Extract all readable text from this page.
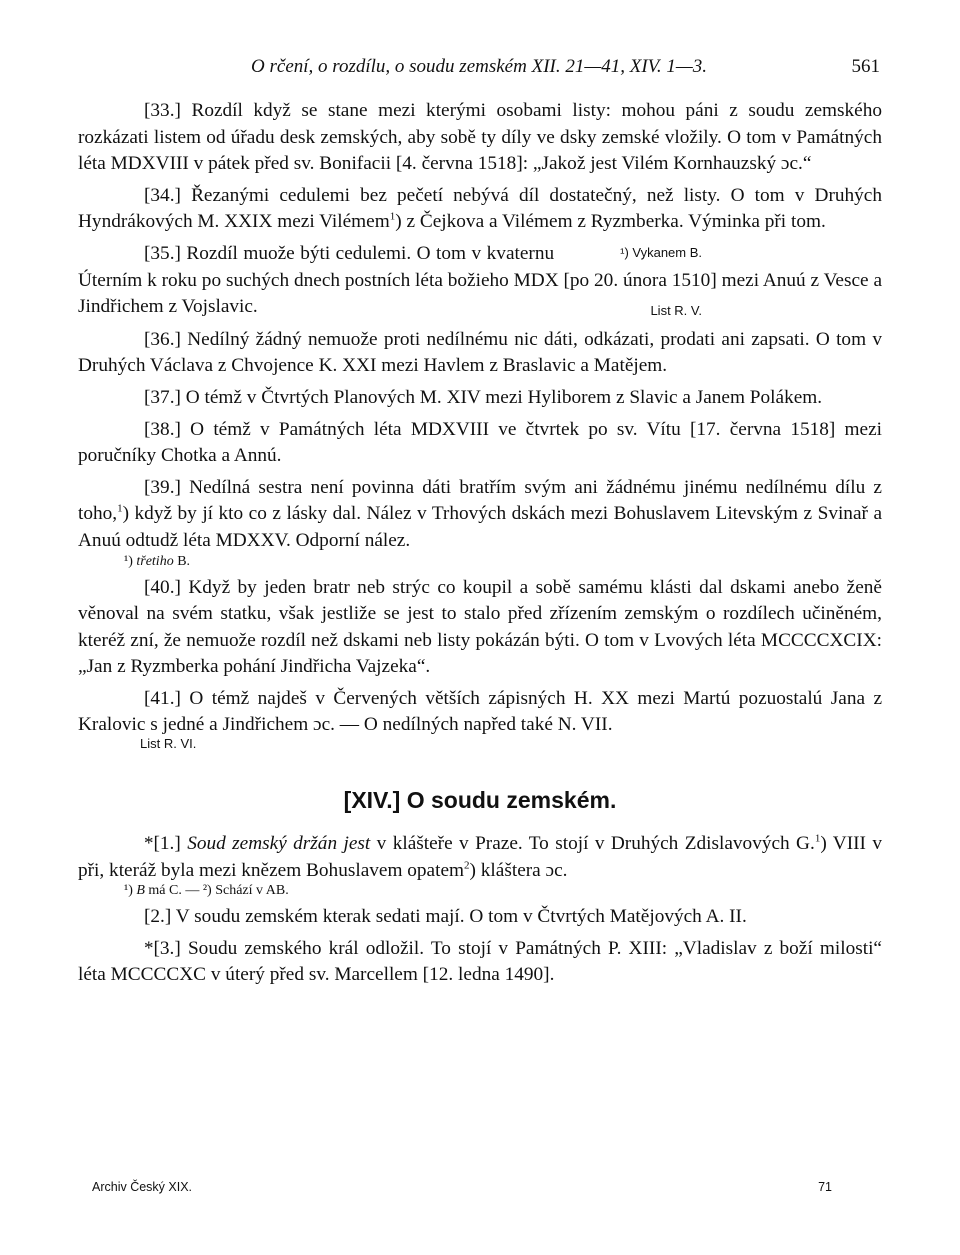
O rčení, o rozdílu, o soudu zemském XII. 21—41, XIV. 1—3.	561

[33.] Rozdíl když se stane mezi kterými osobami listy: mohou páni z soudu zemského rozkázati listem od úřadu desk zemských, aby sobě ty díly ve dsky zemské vložily. O tom v Památných léta MDXVIII v pátek před sv. Bonifacii [4. června 1518]: „Jakož jest Vilém Kornhauzský ɔc.“

[34.] Řezanými cedulemi bez pečetí nebývá díl dostatečný, než listy. O tom v Druhých Hyndrákových M. XXIX mezi Vilémem$^1$) z Čejkova a Vilémem z Ryzmberka. Výminka při tom.
¹) Vykanem B.

[35.] Rozdíl muože býti cedulemi. O tom v kvaternu Úterním k roku po suchých dnech postních léta božieho MDX [po 20. února 1510] mezi Anuú z Vesce a Jindřichem z Vojslavic.	List R. V.

[36.] Nedílný žádný nemuože proti nedílnému nic dáti, odkázati, prodati ani zapsati. O tom v Druhých Václava z Chvojence K. XXI mezi Havlem z Braslavic a Matějem.

[37.] O témž v Čtvrtých Planových M. XIV mezi Hyliborem z Slavic a Janem Polákem.

[38.] O témž v Památných léta MDXVIII ve čtvrtek po sv. Vítu [17. června 1518] mezi poručníky Chotka a Annú.

[39.] Nedílná sestra není povinna dáti bratřím svým ani žádnému jinému nedílnému dílu z toho,$^1$) když by jí kto co z lásky dal. Nález v Trhových dskách mezi Bohuslavem Litevským z Svinař a Anuú odtudž léta MDXXV. Odporní nález.

¹) třetiho B.

[40.] Když by jeden bratr neb strýc co koupil a sobě samému klásti dal dskami anebo ženě věnoval na svém statku, však jestliže se jest to stalo před zřízením zemským o rozdílech učiněném, kteréž zní, že nemuože rozdíl než dskami neb listy pokázán býti. O tom v Lvových léta MCCCCXCIX: „Jan z Ryzmberka pohání Jindřicha Vajzeka“.

[41.] O témž najdeš v Červených větších zápisných H. XX mezi Martú pozuostalú Jana z Kralovic s jedné a Jindřichem ɔc. — O nedílných napřed také N. VII.

List R. VI.
[XIV.] O soudu zemském.

*[1.] Soud zemský držán jest v klášteře v Praze. To stojí v Druhých Zdislavových G.$^1$) VIII v při, kteráž byla mezi knězem Bohuslavem opatem$^2$) kláštera ɔc.

¹) B má C. — ²) Schází v AB.

[2.] V soudu zemském kterak sedati mají. O tom v Čtvrtých Matějových A. II.

*[3.] Soudu zemského král odložil. To stojí v Památných P. XIII: „Vladislav z boží milosti“ léta MCCCCXC v úterý před sv. Marcellem [12. ledna 1490].

Archiv Český XIX.	71
